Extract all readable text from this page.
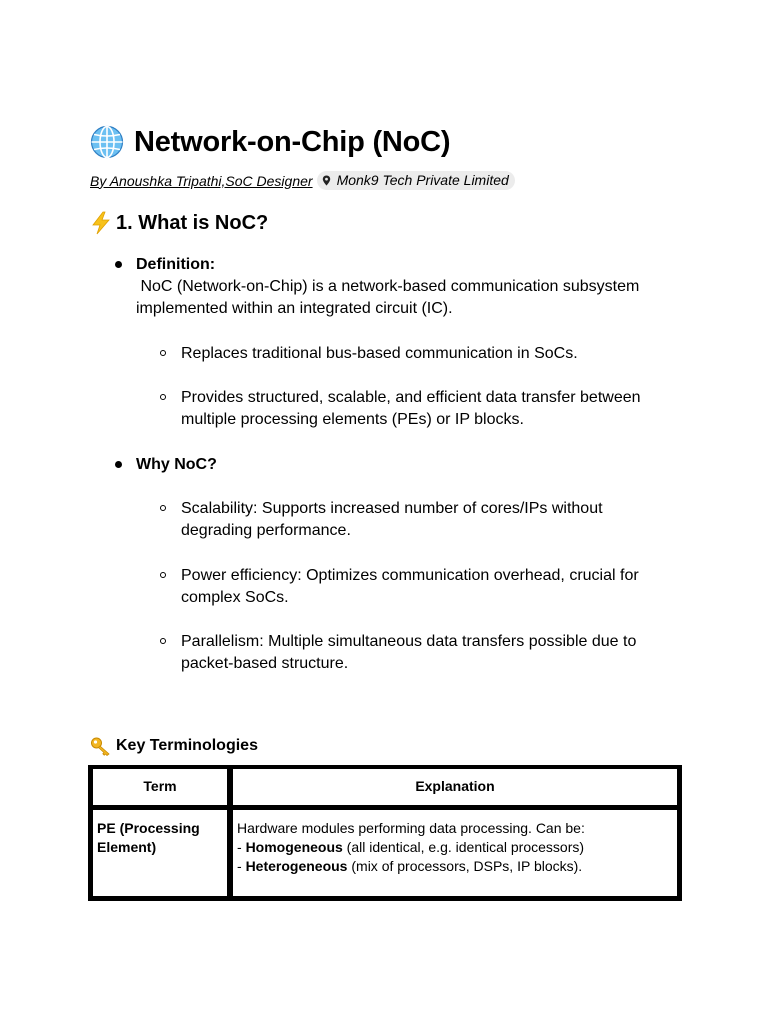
Network-on-Chip (NoC)
By Anoushka Tripathi,SoC Designer Monk9 Tech Private Limited
1. What is NoC?
Definition:
NoC (Network-on-Chip) is a network-based communication subsystem
implemented within an integrated circuit (IC).
Replaces traditional bus-based communication in SoCs.
Provides structured, scalable, and efficient data transfer between
multiple processing elements (PEs) or IP blocks.
Why NoC?
Scalability: Supports increased number of cores/IPs without
degrading performance.
Power efficiency: Optimizes communication overhead, crucial for
complex SoCs.
Parallelism: Multiple simultaneous data transfers possible due to
packet-based structure.
Key Terminologies
Term	Explanation
PE (Processing
Element)
Hardware modules performing data processing. Can be:
- Homogeneous (all identical, e.g. identical processors)
- Heterogeneous (mix of processors, DSPs, IP blocks).
